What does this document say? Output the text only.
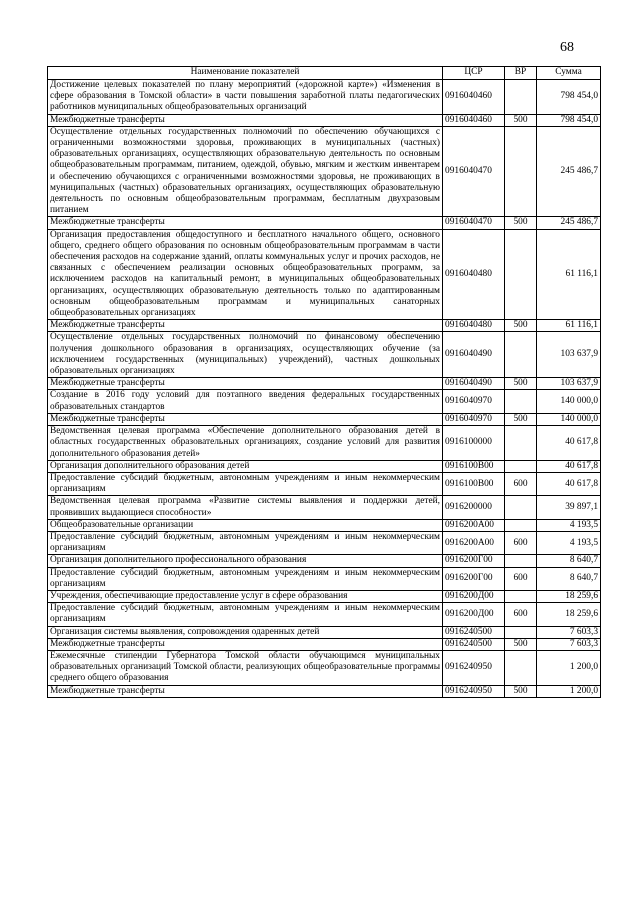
68
Наименование показателей	ЦСР	ВР	Сумма
Достижение целевых показателей по плану мероприятий («дорожной карте») «Изменения в сфере образования в Томской области» в части повышения заработной платы педагогических работников муниципальных общеобразовательных организаций	0916040460		798 454,0
Межбюджетные трансферты	0916040460	500	798 454,0
Осуществление отдельных государственных полномочий по обеспечению обучающихся с ограниченными возможностями здоровья, проживающих в муниципальных (частных) образовательных организациях, осуществляющих образовательную деятельность по основным общеобразовательным программам, питанием, одеждой, обувью, мягким и жестким инвентарем и обеспечению обучающихся с ограниченными возможностями здоровья, не проживающих в муниципальных (частных) образовательных организациях, осуществляющих образовательную деятельность по основным общеобразовательным программам, бесплатным двухразовым питанием	0916040470		245 486,7
Межбюджетные трансферты	0916040470	500	245 486,7
Организация предоставления общедоступного и бесплатного начального общего, основного общего, среднего общего образования по основным общеобразовательным программам в части обеспечения расходов на содержание зданий, оплаты коммунальных услуг и прочих расходов, не связанных с обеспечением реализации основных общеобразовательных программ, за исключением расходов на капитальный ремонт, в муниципальных общеобразовательных организациях, осуществляющих образовательную деятельность только по адаптированным основным общеобразовательным программам и муниципальных санаторных общеобразовательных организациях	0916040480		61 116,1
Межбюджетные трансферты	0916040480	500	61 116,1
Осуществление отдельных государственных полномочий по финансовому обеспечению получения дошкольного образования в организациях, осуществляющих обучение (за исключением государственных (муниципальных) учреждений), частных дошкольных образовательных организациях	0916040490		103 637,9
Межбюджетные трансферты	0916040490	500	103 637,9
Создание в 2016 году условий для поэтапного введения федеральных государственных образовательных стандартов	0916040970		140 000,0
Межбюджетные трансферты	0916040970	500	140 000,0
Ведомственная целевая программа «Обеспечение дополнительного образования детей в областных государственных образовательных организациях, создание условий для развития дополнительного образования детей»	0916100000		40 617,8
Организация дополнительного образования детей	0916100В00		40 617,8
Предоставление субсидий бюджетным, автономным учреждениям и иным некоммерческим организациям	0916100В00	600	40 617,8
Ведомственная целевая программа «Развитие системы выявления и поддержки детей, проявивших выдающиеся способности»	0916200000		39 897,1
Общеобразовательные организации	0916200А00		4 193,5
Предоставление субсидий бюджетным, автономным учреждениям и иным некоммерческим организациям	0916200А00	600	4 193,5
Организация дополнительного профессионального образования	0916200Г00		8 640,7
Предоставление субсидий бюджетным, автономным учреждениям и иным некоммерческим организациям	0916200Г00	600	8 640,7
Учреждения, обеспечивающие предоставление услуг в сфере образования	0916200Д00		18 259,6
Предоставление субсидий бюджетным, автономным учреждениям и иным некоммерческим организациям	0916200Д00	600	18 259,6
Организация системы выявления, сопровождения одаренных детей	0916240500		7 603,3
Межбюджетные трансферты	0916240500	500	7 603,3
Ежемесячные стипендии Губернатора Томской области обучающимся муниципальных образовательных организаций Томской области, реализующих общеобразовательные программы среднего общего образования	0916240950		1 200,0
Межбюджетные трансферты	0916240950	500	1 200,0
